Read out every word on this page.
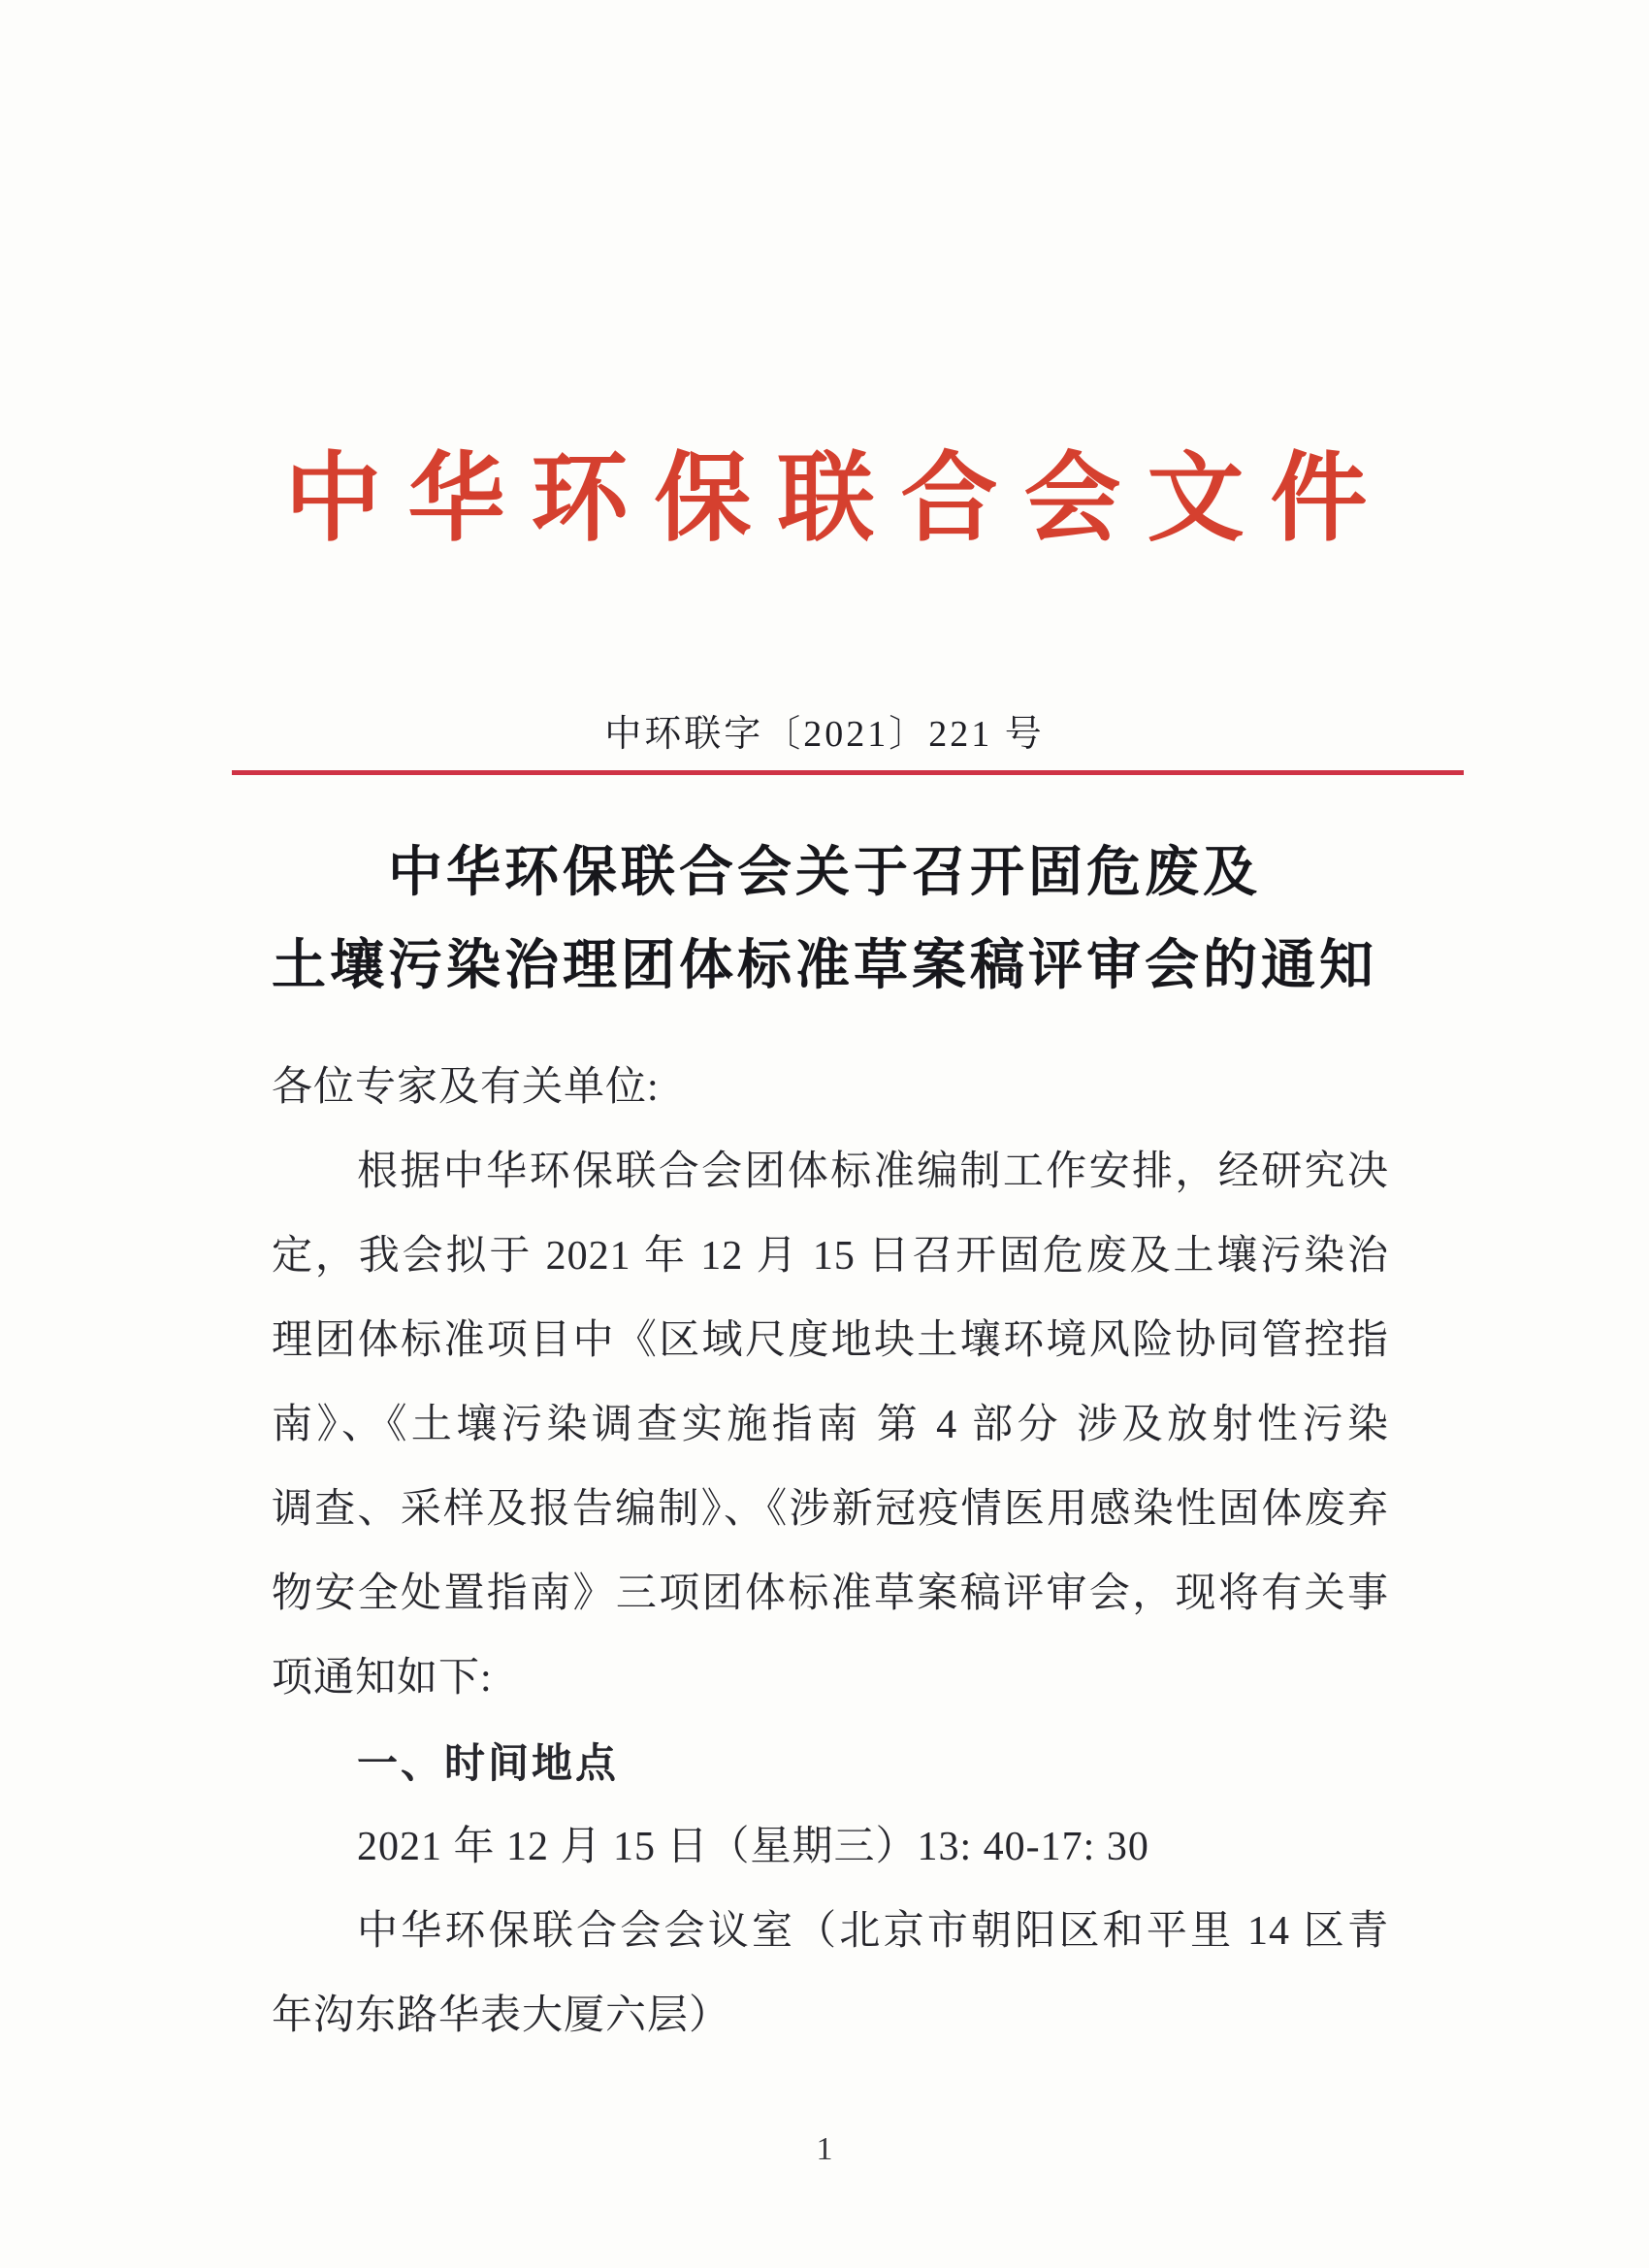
中华环保联合会文件
中环联字〔2021〕221 号
中华环保联合会关于召开固危废及
土壤污染治理团体标准草案稿评审会的通知
各位专家及有关单位:
根据中华环保联合会团体标准编制工作安排，经研究决
定，我会拟于 2021 年 12 月 15 日召开固危废及土壤污染治
理团体标准项目中《区域尺度地块土壤环境风险协同管控指
南》、《土壤污染调查实施指南 第 4 部分 涉及放射性污染
调查、采样及报告编制》、《涉新冠疫情医用感染性固体废弃
物安全处置指南》三项团体标准草案稿评审会，现将有关事
项通知如下:
一、时间地点
2021 年 12 月 15 日（星期三）13: 40-17: 30
中华环保联合会会议室（北京市朝阳区和平里 14 区青
年沟东路华表大厦六层）
1
